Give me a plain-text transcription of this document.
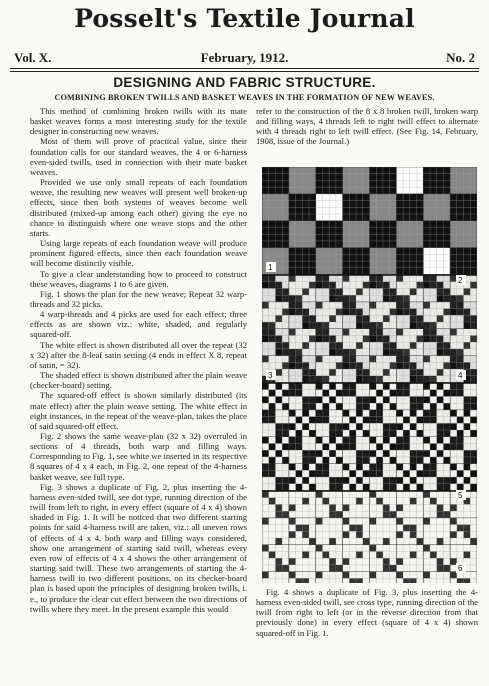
Posselt's Textile Journal
Vol. X.	February, 1912.	No. 2
DESIGNING AND FABRIC STRUCTURE.
COMBINING BROKEN TWILLS AND BASKET WEAVES IN THE FORMATION OF NEW WEAVES.

This method of combining broken twills with its mate basket weaves forms a most interesting study for the textile designer in constructing new weaves.

Most of them will prove of practical value, since their foundation calls for our standard weaves, the 4 or 6-harness even-sided twills, used in connection with their mate basket weaves.

Provided we use only small repeats of each foundation weave, the resulting new weaves will present well broken-up effects, since then both systems of weaves become well distributed (mixed-up among each other) giving the eye no chance to distinguish where one weave stops and the other starts.

Using large repeats of each foundation weave will produce prominent figured effects, since then each foundation weave will become distinctly visible.

To give a clear understanding how to proceed to construct these weaves, diagrams 1 to 6 are given.

Fig. 1 shows the plan for the new weave; Repeat 32 warp-threads and 32 picks.

4 warp-threads and 4 picks are used for each effect; three effects as are shown viz.: white, shaded, and regularly squared-off.

The white effect is shown distributed all over the repeat (32 x 32) after the 8-leaf satin setting (4 ends in effect X 8, repeat of satin, = 32).

The shaded effect is shown distributed after the plain weave (checker-board) setting.

The squared-off effect is shown similarly distributed (its mate effect) after the plain weave setting. The white effect in eight instances, in the repeat of the weave-plan, takes the place of said squared-off effect.

Fig. 2 shows the same weave-plan (32 x 32) overruled in sections of 4 threads, both warp and filling ways. Corresponding to Fig. 1, see white we inserted in its respective 8 squares of 4 x 4 each, in Fig. 2, one repeat of the 4-harness basket weave, see full type.

Fig. 3 shows a duplicate of Fig. 2, plus inserting the 4-harness even-sided twill, see dot type, running direction of the twill from left to right, in every effect (square of 4 x 4) shown shaded in Fig. 1. It will be noticed that two different starting points for said 4-harness twill are taken, viz.: all uneven rows of effects of 4 x 4, both warp and filling ways considered, show one arrangement of starting said twill, whereas every even row of effects of 4 x 4 shows the other arrangement of starting said twill. These two arrangements of starting the 4-harness twill in two different positions, on its checker-board plan is based upon the principles of designing broken twills, i. e., to produce the clear cut effect between the two directions of twills where they meet. In the present example this would

refer to the construction of the 8 x 8 broken twill, broken warp and filling ways, 4 threads left to right twill effect to alternate with 4 threads right to left twill effect. (See Fig. 14, February, 1908, issue of the Journal.)

1
2
3	4
5
6

Fig. 4 shows a duplicate of Fig. 3, plus inserting the 4-harness even-sided twill, see cross type, running direction of the twill from right to left (or in the reverse direction from that previously done) in every effect (square of 4 x 4) shown squared-off in Fig. 1.
